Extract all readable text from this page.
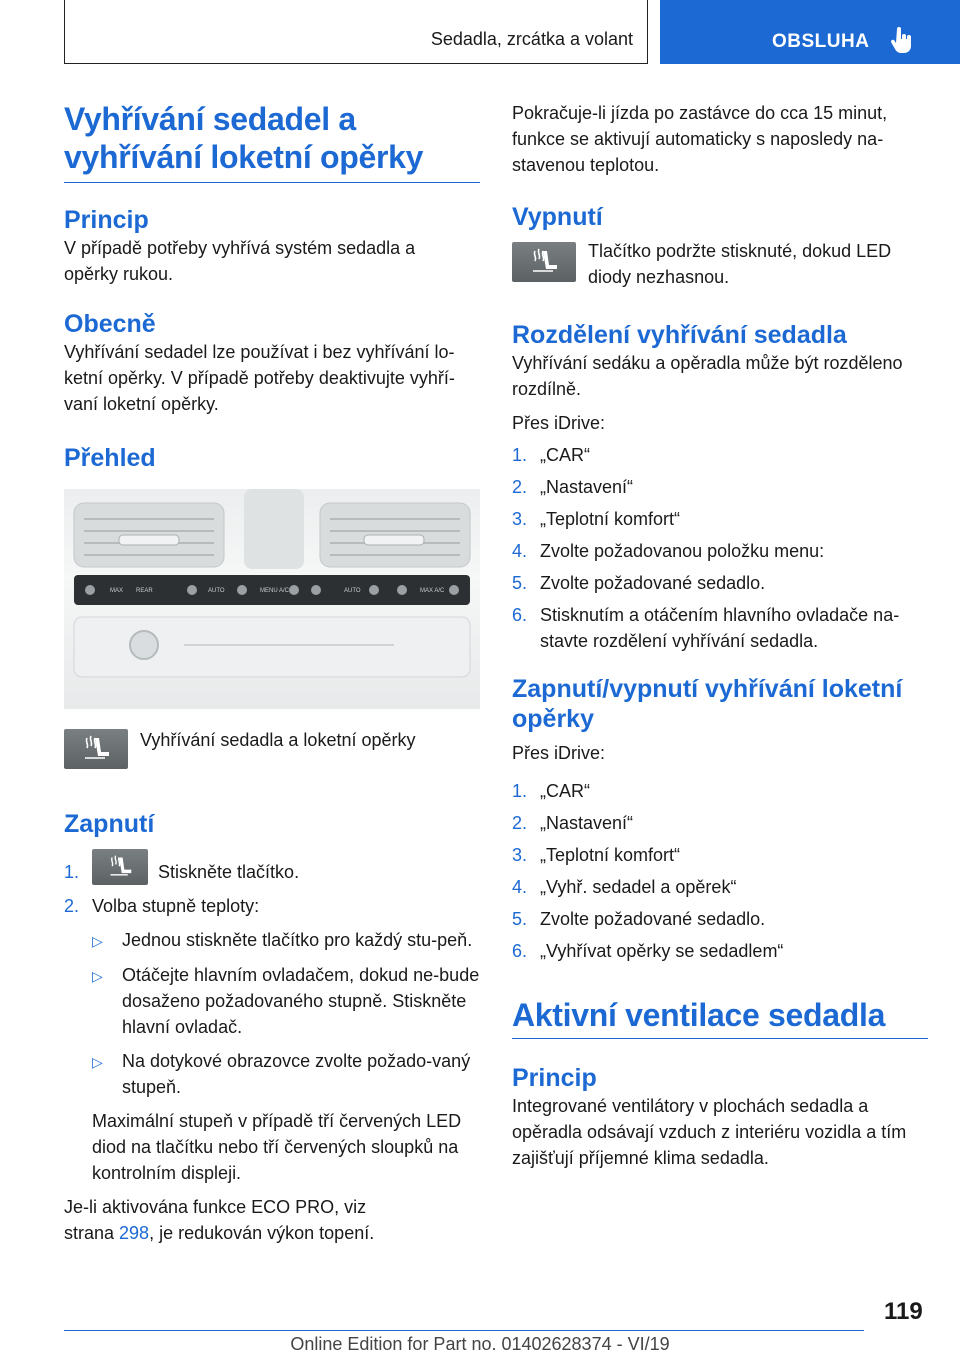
Sedadla, zrcátka a volant	OBSLUHA
Vyhřívání sedadel a
vyhřívání loketní opěrky
Princip

V případě potřeby vyhřívá systém sedadla a opěrky rukou.

Obecně

Vyhřívání sedadel lze používat i bez vyhřívání lo‐ketní opěrky. V případě potřeby deaktivujte vyhří‐vaní loketní opěrky.

Přehled
MAX REAR	AUTO	MENU A/C	AUTO	MAX A/C

Vyhřívání sedadla a loketní opěrky

Zapnutí
1.	Stiskněte tlačítko.
2. Volba stupně teploty:
▷	Jednou stiskněte tlačítko pro každý stu‐peň.
▷	Otáčejte hlavním ovladačem, dokud ne‐bude dosaženo požadovaného stupně. Stiskněte hlavní ovladač.
▷	Na dotykové obrazovce zvolte požado‐vaný stupeň.

Maximální stupeň v případě tří červených LED diod na tlačítku nebo tří červených sloupků na kontrolním displeji.

Je-li aktivována funkce ECO PRO, viz
strana 298, je redukován výkon topení.

Pokračuje-li jízda po zastávce do cca 15 minut, funkce se aktivují automaticky s naposledy na‐stavenou teplotou.

Vypnutí

Tlačítko podržte stisknuté, dokud LED diody nezhasnou.

Rozdělení vyhřívání sedadla

Vyhřívání sedáku a opěradla může být rozděleno rozdílně.

Přes iDrive:

1. „CAR“
2. „Nastavení“
3. „Teplotní komfort“
4. Zvolte požadovanou položku menu:
5. Zvolte požadované sedadlo.
6. Stisknutím a otáčením hlavního ovladače na‐stavte rozdělení vyhřívání sedadla.
Zapnutí/vypnutí vyhřívání loketní opěrky

Přes iDrive:

1. „CAR“
2. „Nastavení“
3. „Teplotní komfort“
4. „Vyhř. sedadel a opěrek“
5. Zvolte požadované sedadlo.
6. „Vyhřívat opěrky se sedadlem“
Aktivní ventilace sedadla
Princip

Integrované ventilátory v plochách sedadla a opěradla odsávají vzduch z interiéru vozidla a tím zajišťují příjemné klima sedadla.

119
Online Edition for Part no. 01402628374 - VI/19
